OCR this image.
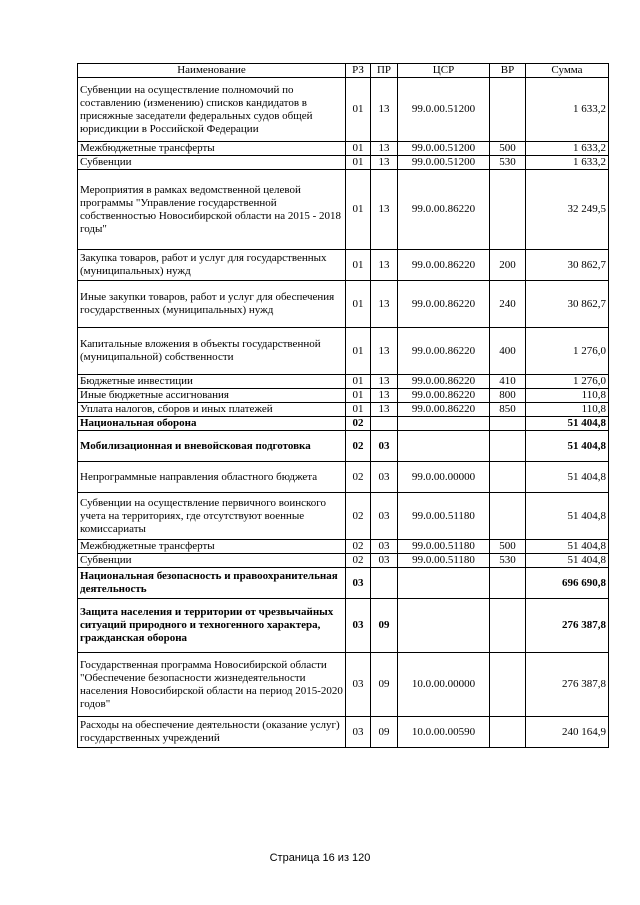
Наименование	РЗ	ПР	ЦСР	ВР	Сумма
Субвенции на осуществление полномочий по составлению (изменению) списков кандидатов в присяжные заседатели федеральных судов общей юрисдикции в Российской Федерации	01	13	99.0.00.51200		1 633,2
Межбюджетные трансферты	01	13	99.0.00.51200	500	1 633,2
Субвенции	01	13	99.0.00.51200	530	1 633,2
Мероприятия в рамках ведомственной целевой программы "Управление государственной собственностью Новосибирской области на 2015 - 2018 годы"	01	13	99.0.00.86220		32 249,5
Закупка товаров, работ и услуг для государственных (муниципальных) нужд	01	13	99.0.00.86220	200	30 862,7
Иные закупки товаров, работ и услуг для обеспечения государственных (муниципальных) нужд	01	13	99.0.00.86220	240	30 862,7
Капитальные вложения в объекты государственной (муниципальной) собственности	01	13	99.0.00.86220	400	1 276,0
Бюджетные инвестиции	01	13	99.0.00.86220	410	1 276,0
Иные бюджетные ассигнования	01	13	99.0.00.86220	800	110,8
Уплата налогов, сборов и иных платежей	01	13	99.0.00.86220	850	110,8
Национальная оборона	02				51 404,8
Мобилизационная и вневойсковая подготовка	02	03			51 404,8
Непрограммные направления областного бюджета	02	03	99.0.00.00000		51 404,8
Субвенции на осуществление первичного воинского учета на территориях, где отсутствуют военные комиссариаты	02	03	99.0.00.51180		51 404,8
Межбюджетные трансферты	02	03	99.0.00.51180	500	51 404,8
Субвенции	02	03	99.0.00.51180	530	51 404,8
Национальная безопасность и правоохранительная деятельность	03				696 690,8
Защита населения и территории от чрезвычайных ситуаций природного и техногенного характера, гражданская оборона	03	09			276 387,8
Государственная программа Новосибирской области "Обеспечение безопасности жизнедеятельности населения Новосибирской области на период 2015-2020 годов"	03	09	10.0.00.00000		276 387,8
Расходы на обеспечение деятельности (оказание услуг) государственных учреждений	03	09	10.0.00.00590		240 164,9
Страница 16 из 120
